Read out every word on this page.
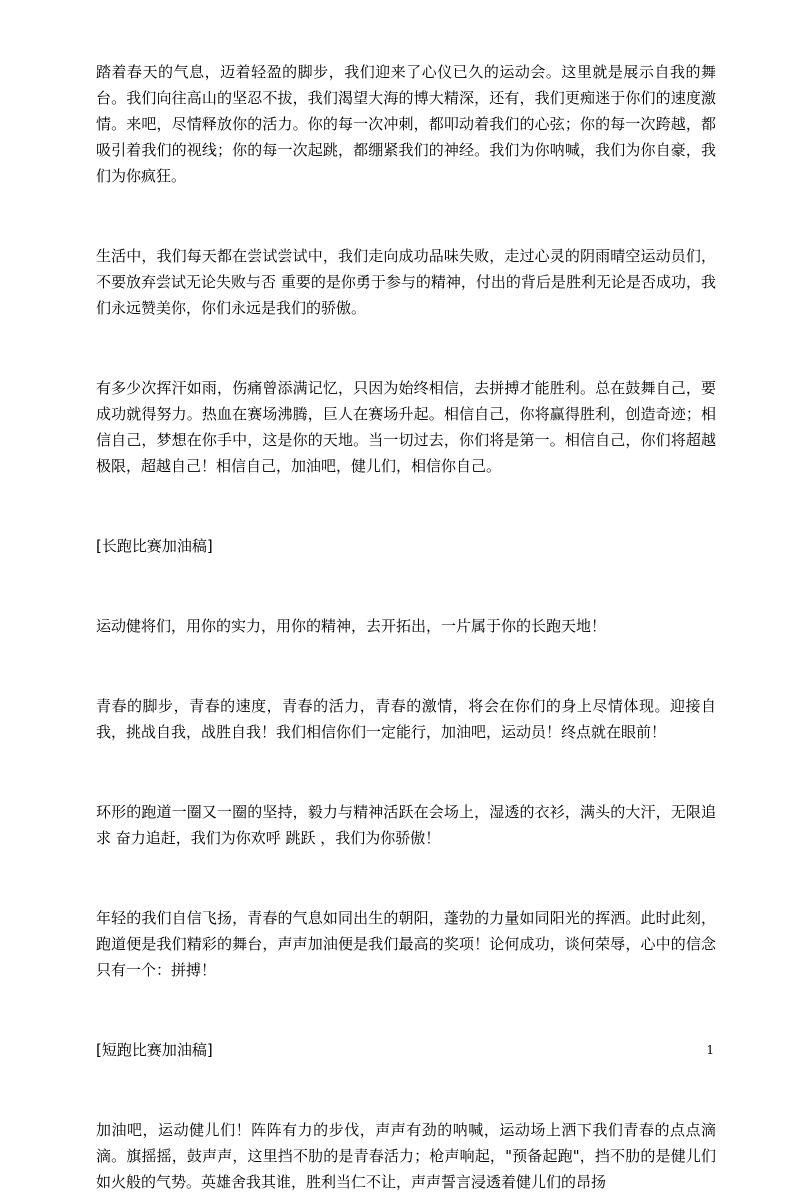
踏着春天的气息，迈着轻盈的脚步，我们迎来了心仪已久的运动会。这里就是展示自我的舞台。我们向往高山的坚忍不拔，我们渴望大海的博大精深，还有，我们更痴迷于你们的速度激情。来吧，尽情释放你的活力。你的每一次冲刺，都叩动着我们的心弦；你的每一次跨越，都吸引着我们的视线；你的每一次起跳，都绷紧我们的神经。我们为你呐喊，我们为你自豪，我们为你疯狂。

生活中，我们每天都在尝试尝试中，我们走向成功品味失败，走过心灵的阴雨晴空运动员们，不要放弃尝试无论失败与否 重要的是你勇于参与的精神，付出的背后是胜利无论是否成功，我们永远赞美你，你们永远是我们的骄傲。

有多少次挥汗如雨，伤痛曾添满记忆，只因为始终相信，去拼搏才能胜利。总在鼓舞自己，要成功就得努力。热血在赛场沸腾，巨人在赛场升起。相信自己，你将赢得胜利，创造奇迹；相信自己，梦想在你手中，这是你的天地。当一切过去，你们将是第一。相信自己，你们将超越极限，超越自己！相信自己，加油吧，健儿们，相信你自己。

[长跑比赛加油稿]

运动健将们，用你的实力，用你的精神，去开拓出，一片属于你的长跑天地！

青春的脚步，青春的速度，青春的活力，青春的激情，将会在你们的身上尽情体现。迎接自我，挑战自我，战胜自我！我们相信你们一定能行，加油吧，运动员！终点就在眼前！

环形的跑道一圈又一圈的坚持，毅力与精神活跃在会场上，湿透的衣衫，满头的大汗，无限追求 奋力追赶，我们为你欢呼 跳跃 ，我们为你骄傲！

年轻的我们自信飞扬，青春的气息如同出生的朝阳，蓬勃的力量如同阳光的挥洒。此时此刻，跑道便是我们精彩的舞台，声声加油便是我们最高的奖项！论何成功，谈何荣辱，心中的信念只有一个：拼搏！

[短跑比赛加油稿]

加油吧，运动健儿们！阵阵有力的步伐，声声有劲的呐喊，运动场上洒下我们青春的点点滴滴。旗摇摇，鼓声声，这里挡不肋的是青春活力；枪声响起，"预备起跑"，挡不肋的是健儿们如火般的气势。英雄舍我其谁，胜利当仁不让，声声誓言浸透着健儿们的昂扬

1
